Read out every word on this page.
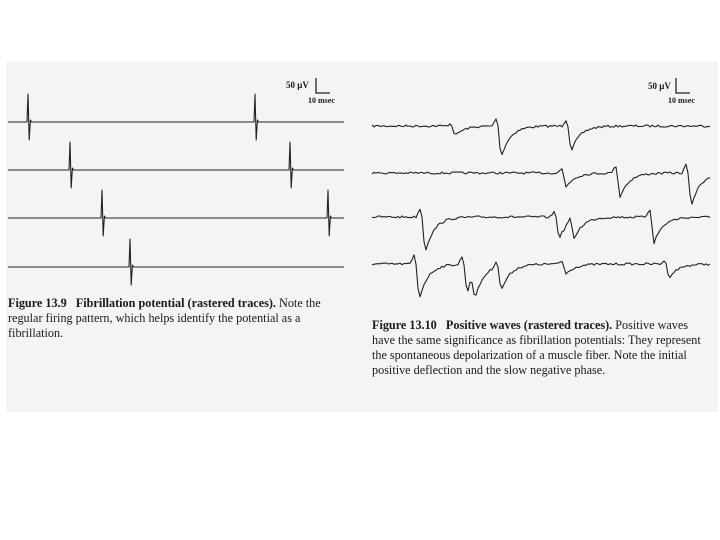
50 μV
10 msec
Figure 13.9 Fibrillation potential (rastered traces). Note the regular firing pattern, which helps identify the potential as a fibrillation.
50 μV
10 msec
Figure 13.10 Positive waves (rastered traces). Positive waves have the same significance as fibrillation potentials: They represent the spontaneous depolarization of a muscle fiber. Note the initial positive deflection and the slow negative phase.
